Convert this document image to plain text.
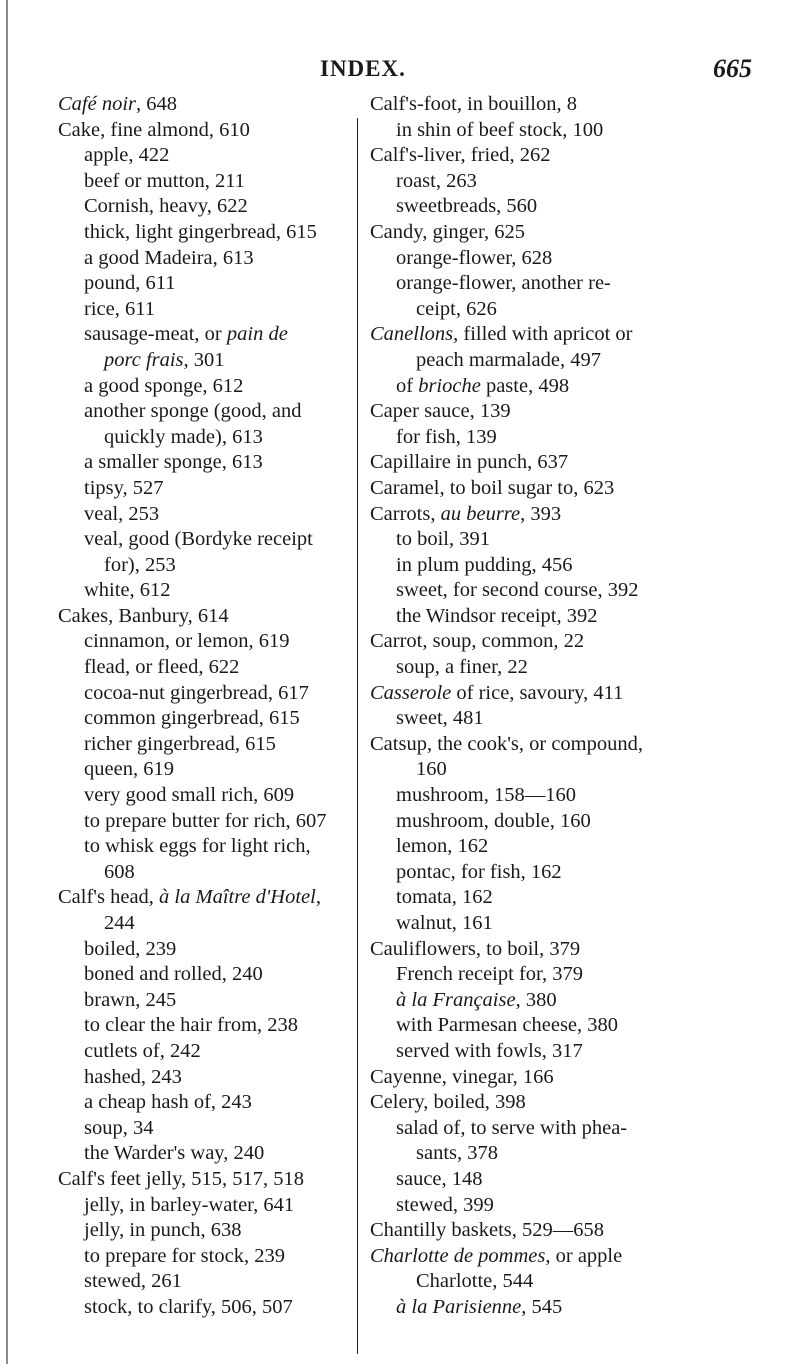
INDEX.	665
Café noir, 648
Cake, fine almond, 610
apple, 422
beef or mutton, 211
Cornish, heavy, 622
thick, light gingerbread, 615
a good Madeira, 613
pound, 611
rice, 611
sausage-meat, or pain de
porc frais, 301
a good sponge, 612
another sponge (good, and
quickly made), 613
a smaller sponge, 613
tipsy, 527
veal, 253
veal, good (Bordyke receipt
for), 253
white, 612
Cakes, Banbury, 614
cinnamon, or lemon, 619
flead, or fleed, 622
cocoa-nut gingerbread, 617
common gingerbread, 615
richer gingerbread, 615
queen, 619
very good small rich, 609
to prepare butter for rich, 607
to whisk eggs for light rich,
608
Calf's head, à la Maître d'Hotel,
244
boiled, 239
boned and rolled, 240
brawn, 245
to clear the hair from, 238
cutlets of, 242
hashed, 243
a cheap hash of, 243
soup, 34
the Warder's way, 240
Calf's feet jelly, 515, 517, 518
jelly, in barley-water, 641
jelly, in punch, 638
to prepare for stock, 239
stewed, 261
stock, to clarify, 506, 507
Calf's-foot, in bouillon, 8
in shin of beef stock, 100
Calf's-liver, fried, 262
roast, 263
sweetbreads, 560
Candy, ginger, 625
orange-flower, 628
orange-flower, another re-
ceipt, 626
Canellons, filled with apricot or
peach marmalade, 497
of brioche paste, 498
Caper sauce, 139
for fish, 139
Capillaire in punch, 637
Caramel, to boil sugar to, 623
Carrots, au beurre, 393
to boil, 391
in plum pudding, 456
sweet, for second course, 392
the Windsor receipt, 392
Carrot, soup, common, 22
soup, a finer, 22
Casserole of rice, savoury, 411
sweet, 481
Catsup, the cook's, or compound,
160
mushroom, 158—160
mushroom, double, 160
lemon, 162
pontac, for fish, 162
tomata, 162
walnut, 161
Cauliflowers, to boil, 379
French receipt for, 379
à la Française, 380
with Parmesan cheese, 380
served with fowls, 317
Cayenne, vinegar, 166
Celery, boiled, 398
salad of, to serve with phea-
sants, 378
sauce, 148
stewed, 399
Chantilly baskets, 529—658
Charlotte de pommes, or apple
Charlotte, 544
à la Parisienne, 545
